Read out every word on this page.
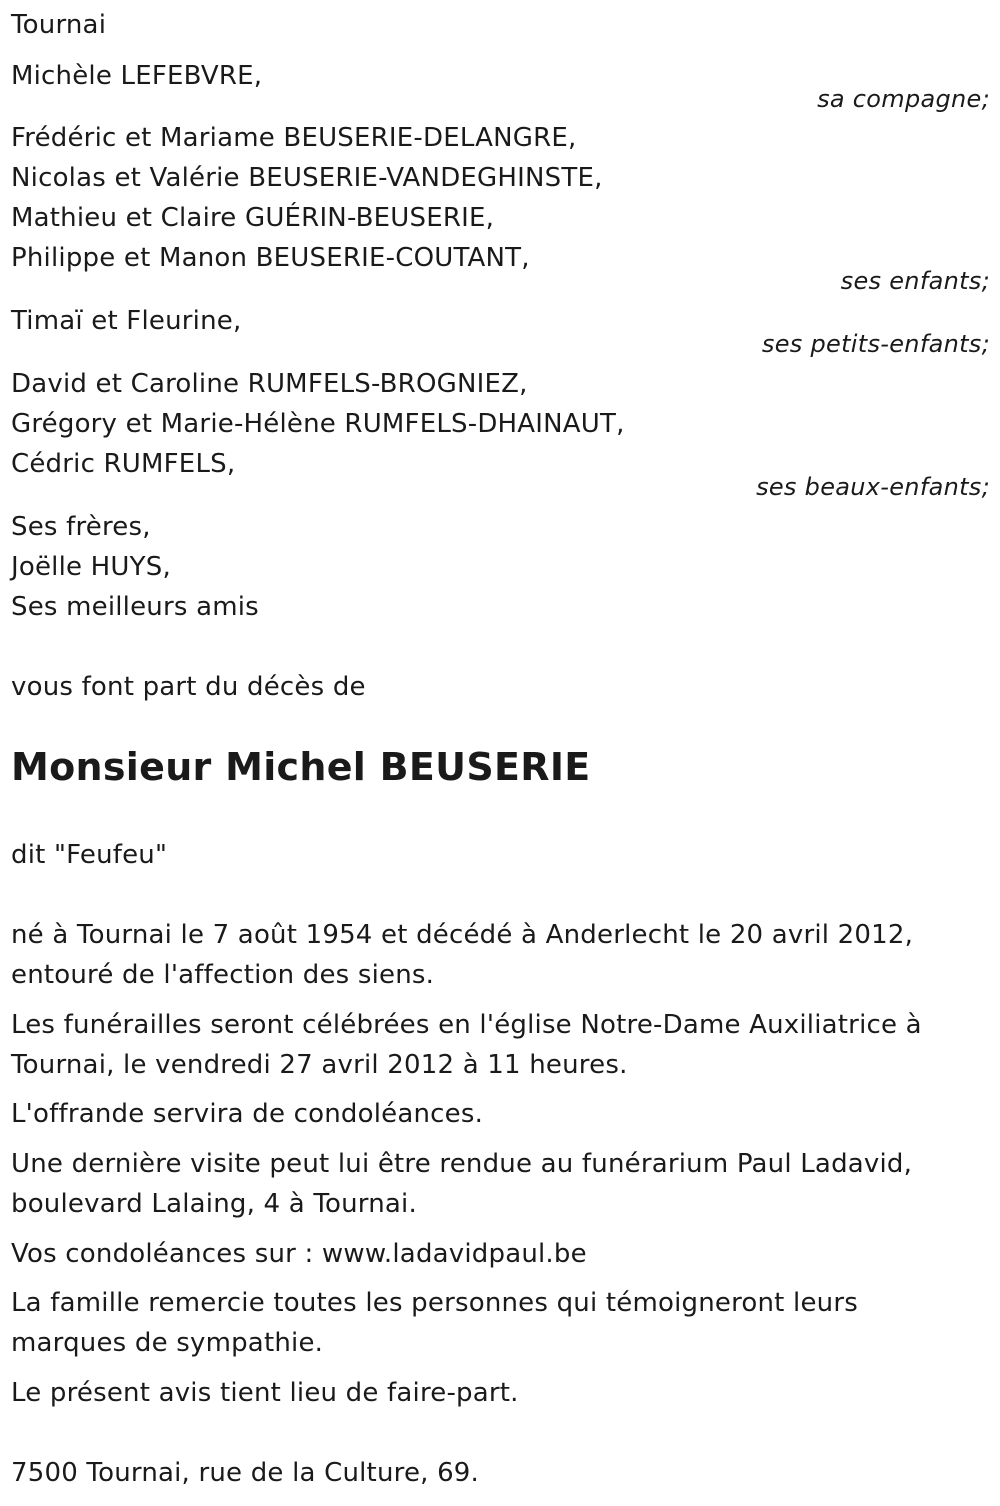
Tournai
Michèle LEFEBVRE,
sa compagne;
Frédéric et Mariame BEUSERIE-DELANGRE,
Nicolas et Valérie BEUSERIE-VANDEGHINSTE,
Mathieu et Claire GUÉRIN-BEUSERIE,
Philippe et Manon BEUSERIE-COUTANT,
ses enfants;
Timaï et Fleurine,
ses petits-enfants;
David et Caroline RUMFELS-BROGNIEZ,
Grégory et Marie-Hélène RUMFELS-DHAINAUT,
Cédric RUMFELS,
ses beaux-enfants;
Ses frères,
Joëlle HUYS,
Ses meilleurs amis
vous font part du décès de
Monsieur Michel BEUSERIE
dit "Feufeu"
né à Tournai le 7 août 1954 et décédé à Anderlecht le 20 avril 2012,
entouré de l'affection des siens.
Les funérailles seront célébrées en l'église Notre-Dame Auxiliatrice à
Tournai, le vendredi 27 avril 2012 à 11 heures.
L'offrande servira de condoléances.
Une dernière visite peut lui être rendue au funérarium Paul Ladavid,
boulevard Lalaing, 4 à Tournai.
Vos condoléances sur : www.ladavidpaul.be
La famille remercie toutes les personnes qui témoigneront leurs
marques de sympathie.
Le présent avis tient lieu de faire-part.
7500 Tournai, rue de la Culture, 69.
